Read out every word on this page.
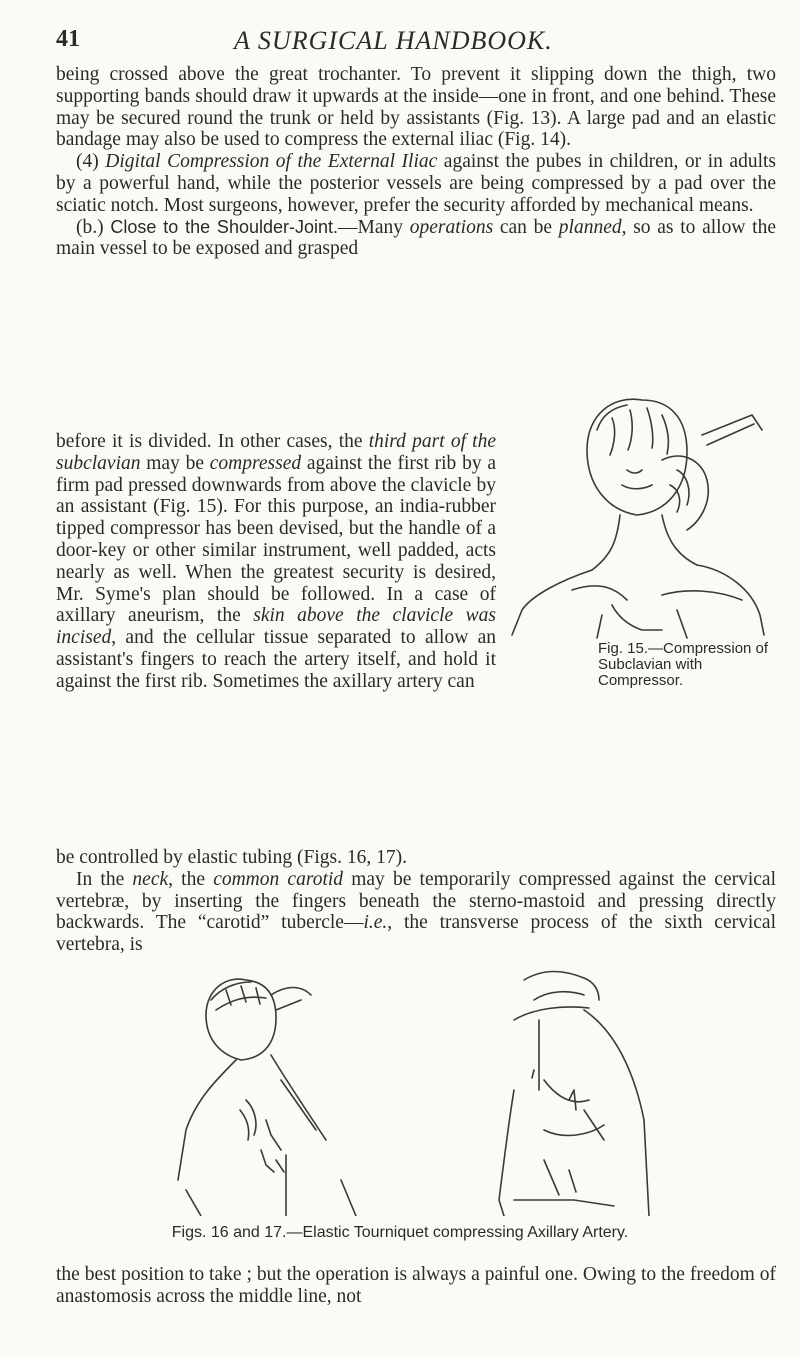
41	A SURGICAL HANDBOOK.

being crossed above the great trochanter. To prevent it slipping down the thigh, two supporting bands should draw it upwards at the inside—one in front, and one behind. These may be secured round the trunk or held by assistants (Fig. 13). A large pad and an elastic bandage may also be used to compress the external iliac (Fig. 14).

(4) Digital Compression of the External Iliac against the pubes in children, or in adults by a powerful hand, while the posterior vessels are being compressed by a pad over the sciatic notch. Most surgeons, however, prefer the security afforded by mechanical means.

(b.) Close to the Shoulder-Joint.—Many operations can be planned, so as to allow the main vessel to be exposed and grasped

before it is divided. In other cases, the third part of the subclavian may be compressed against the first rib by a firm pad pressed downwards from above the clavicle by an assistant (Fig. 15). For this purpose, an india-rubber tipped compressor has been devised, but the handle of a door-key or other similar instrument, well padded, acts nearly as well. When the greatest security is desired, Mr. Syme's plan should be followed. In a case of axillary aneurism, the skin above the clavicle was incised, and the cellular tissue separated to allow an assistant's fingers to reach the artery itself, and hold it against the first rib. Sometimes the axillary artery can

Fig. 15.—Compression of Subclavian with Compressor.

be controlled by elastic tubing (Figs. 16, 17).

In the neck, the common carotid may be temporarily compressed against the cervical vertebræ, by inserting the fingers beneath the sterno-mastoid and pressing directly backwards. The “carotid” tubercle—i.e., the transverse process of the sixth cervical vertebra, is

Figs. 16 and 17.—Elastic Tourniquet compressing Axillary Artery.

the best position to take ; but the operation is always a painful one. Owing to the freedom of anastomosis across the middle line, not
